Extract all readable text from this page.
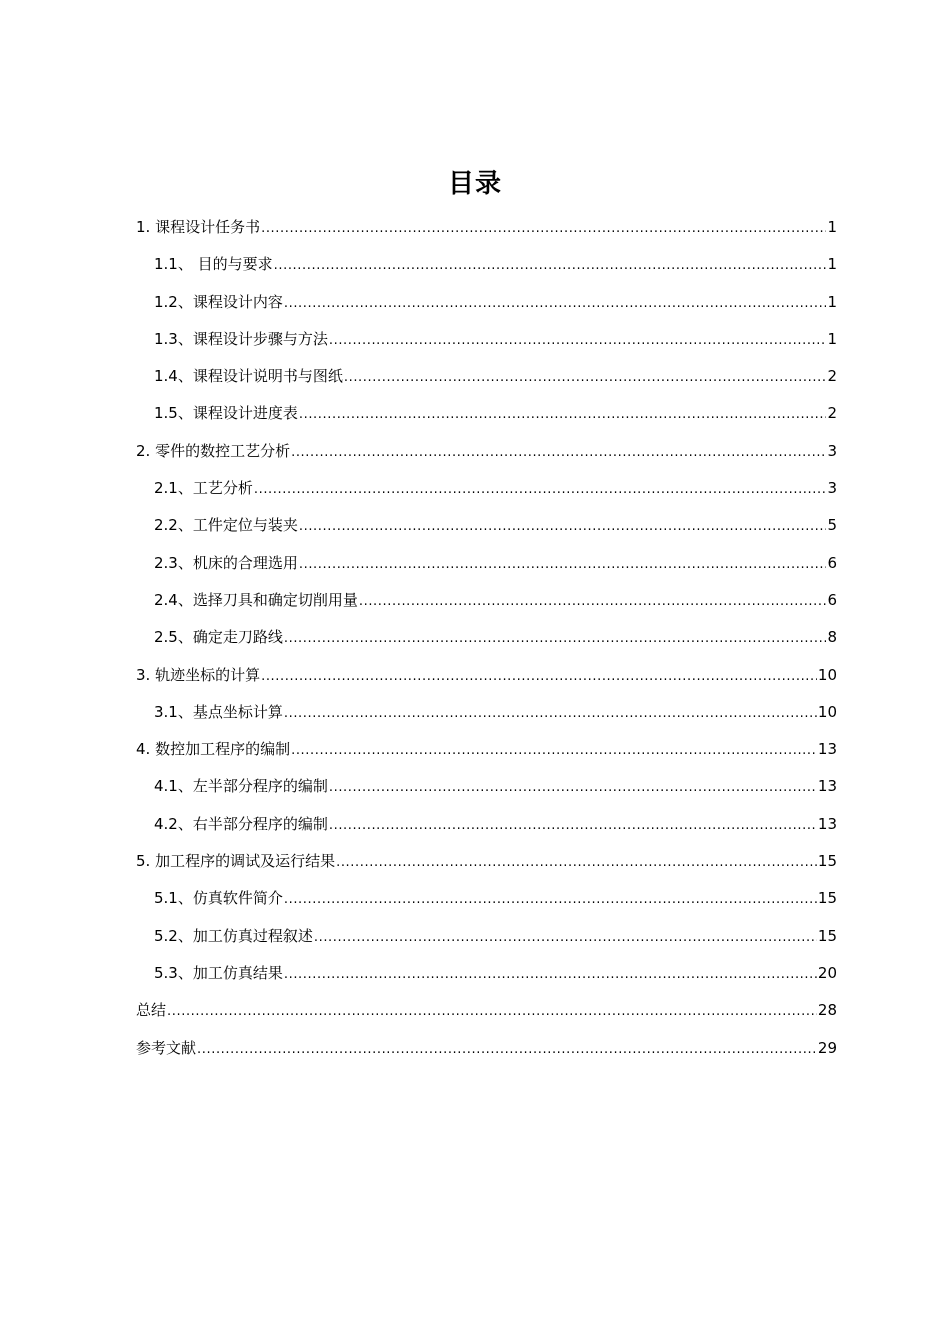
目录
1. 课程设计任务书 .....	1
1.1、 目的与要求 .....	1
1.2、课程设计内容 .....	1
1.3、课程设计步骤与方法 .....	1
1.4、课程设计说明书与图纸 .....	2
1.5、课程设计进度表 .....	2
2. 零件的数控工艺分析 .....	3
2.1、工艺分析 .....	3
2.2、工件定位与装夹 .....	5
2.3、机床的合理选用 .....	6
2.4、选择刀具和确定切削用量 .....	6
2.5、确定走刀路线 .....	8
3. 轨迹坐标的计算 .....	10
3.1、基点坐标计算 .....	10
4. 数控加工程序的编制 .....	13
4.1、左半部分程序的编制 .....	13
4.2、右半部分程序的编制 .....	13
5. 加工程序的调试及运行结果 .....	15
5.1、仿真软件简介 .....	15
5.2、加工仿真过程叙述 .....	15
5.3、加工仿真结果 .....	20
总结 .....	28
参考文献 .....	29
